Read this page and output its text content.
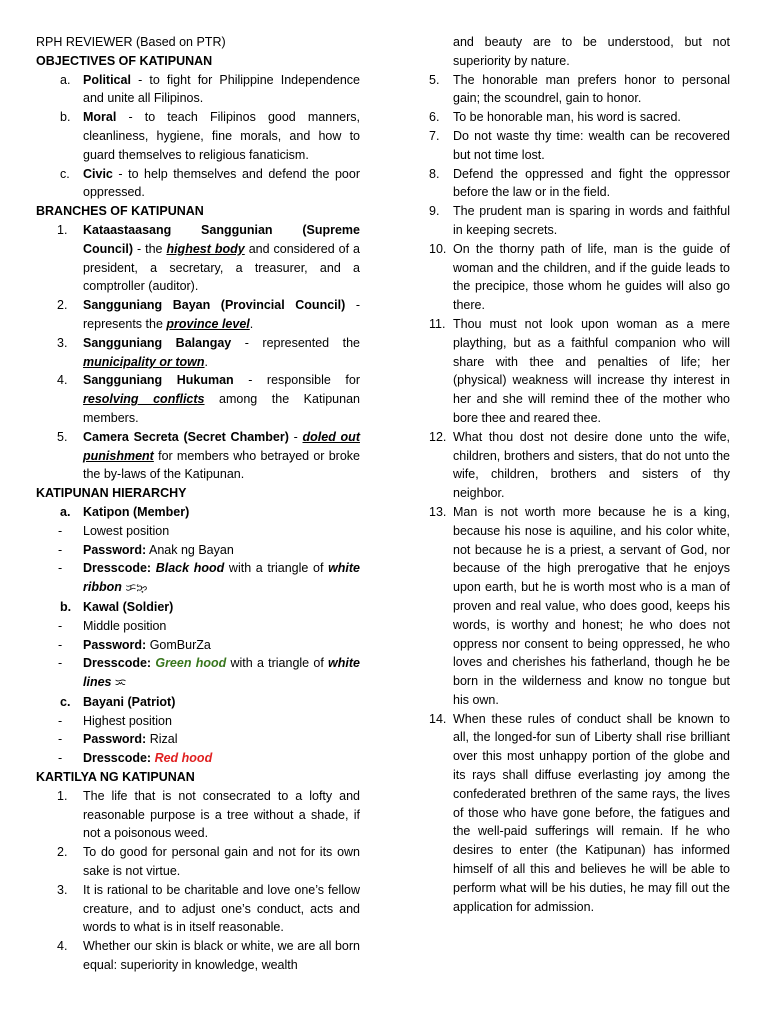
RPH REVIEWER (Based on PTR)
OBJECTIVES OF KATIPUNAN
a. Political - to fight for Philippine Independence and unite all Filipinos.
b. Moral - to teach Filipinos good manners, cleanliness, hygiene, fine morals, and how to guard themselves to religious fanaticism.
c. Civic - to help themselves and defend the poor oppressed.
BRANCHES OF KATIPUNAN
1. Kataastaasang Sanggunian (Supreme Council) - the highest body and considered of a president, a secretary, a treasurer, and a comptroller (auditor).
2. Sangguniang Bayan (Provincial Council) - represents the province level.
3. Sangguniang Balangay - represented the municipality or town.
4. Sangguniang Hukuman - responsible for resolving conflicts among the Katipunan members.
5. Camera Secreta (Secret Chamber) - doled out punishment for members who betrayed or broke the by-laws of the Katipunan.
KATIPUNAN HIERARCHY
a. Katipon (Member)
- Lowest position
- Password: Anak ng Bayan
- Dresscode: Black hood with a triangle of white ribbon ᜃᜅ᜔
b. Kawal (Soldier)
- Middle position
- Password: GomBurZa
- Dresscode: Green hood with a triangle of white lines ᜁ
c. Bayani (Patriot)
- Highest position
- Password: Rizal
- Dresscode: Red hood
KARTILYA NG KATIPUNAN
1. The life that is not consecrated to a lofty and reasonable purpose is a tree without a shade, if not a poisonous weed.
2. To do good for personal gain and not for its own sake is not virtue.
3. It is rational to be charitable and love one’s fellow creature, and to adjust one’s conduct, acts and words to what is in itself reasonable.
4. Whether our skin is black or white, we are all born equal: superiority in knowledge, wealth
and beauty are to be understood, but not superiority by nature.
5. The honorable man prefers honor to personal gain; the scoundrel, gain to honor.
6. To be honorable man, his word is sacred.
7. Do not waste thy time: wealth can be recovered but not time lost.
8. Defend the oppressed and fight the oppressor before the law or in the field.
9. The prudent man is sparing in words and faithful in keeping secrets.
10. On the thorny path of life, man is the guide of woman and the children, and if the guide leads to the precipice, those whom he guides will also go there.
11. Thou must not look upon woman as a mere plaything, but as a faithful companion who will share with thee and penalties of life; her (physical) weakness will increase thy interest in her and she will remind thee of the mother who bore thee and reared thee.
12. What thou dost not desire done unto the wife, children, brothers and sisters, that do not unto the wife, children, brothers and sisters of thy neighbor.
13. Man is not worth more because he is a king, because his nose is aquiline, and his color white, not because he is a priest, a servant of God, nor because of the high prerogative that he enjoys upon earth, but he is worth most who is a man of proven and real value, who does good, keeps his words, is worthy and honest; he who does not oppress nor consent to being oppressed, he who loves and cherishes his fatherland, though he be born in the wilderness and know no tongue but his own.
14. When these rules of conduct shall be known to all, the longed-for sun of Liberty shall rise brilliant over this most unhappy portion of the globe and its rays shall diffuse everlasting joy among the confederated brethren of the same rays, the lives of those who have gone before, the fatigues and the well-paid sufferings will remain. If he who desires to enter (the Katipunan) has informed himself of all this and believes he will be able to perform what will be his duties, he may fill out the application for admission.
